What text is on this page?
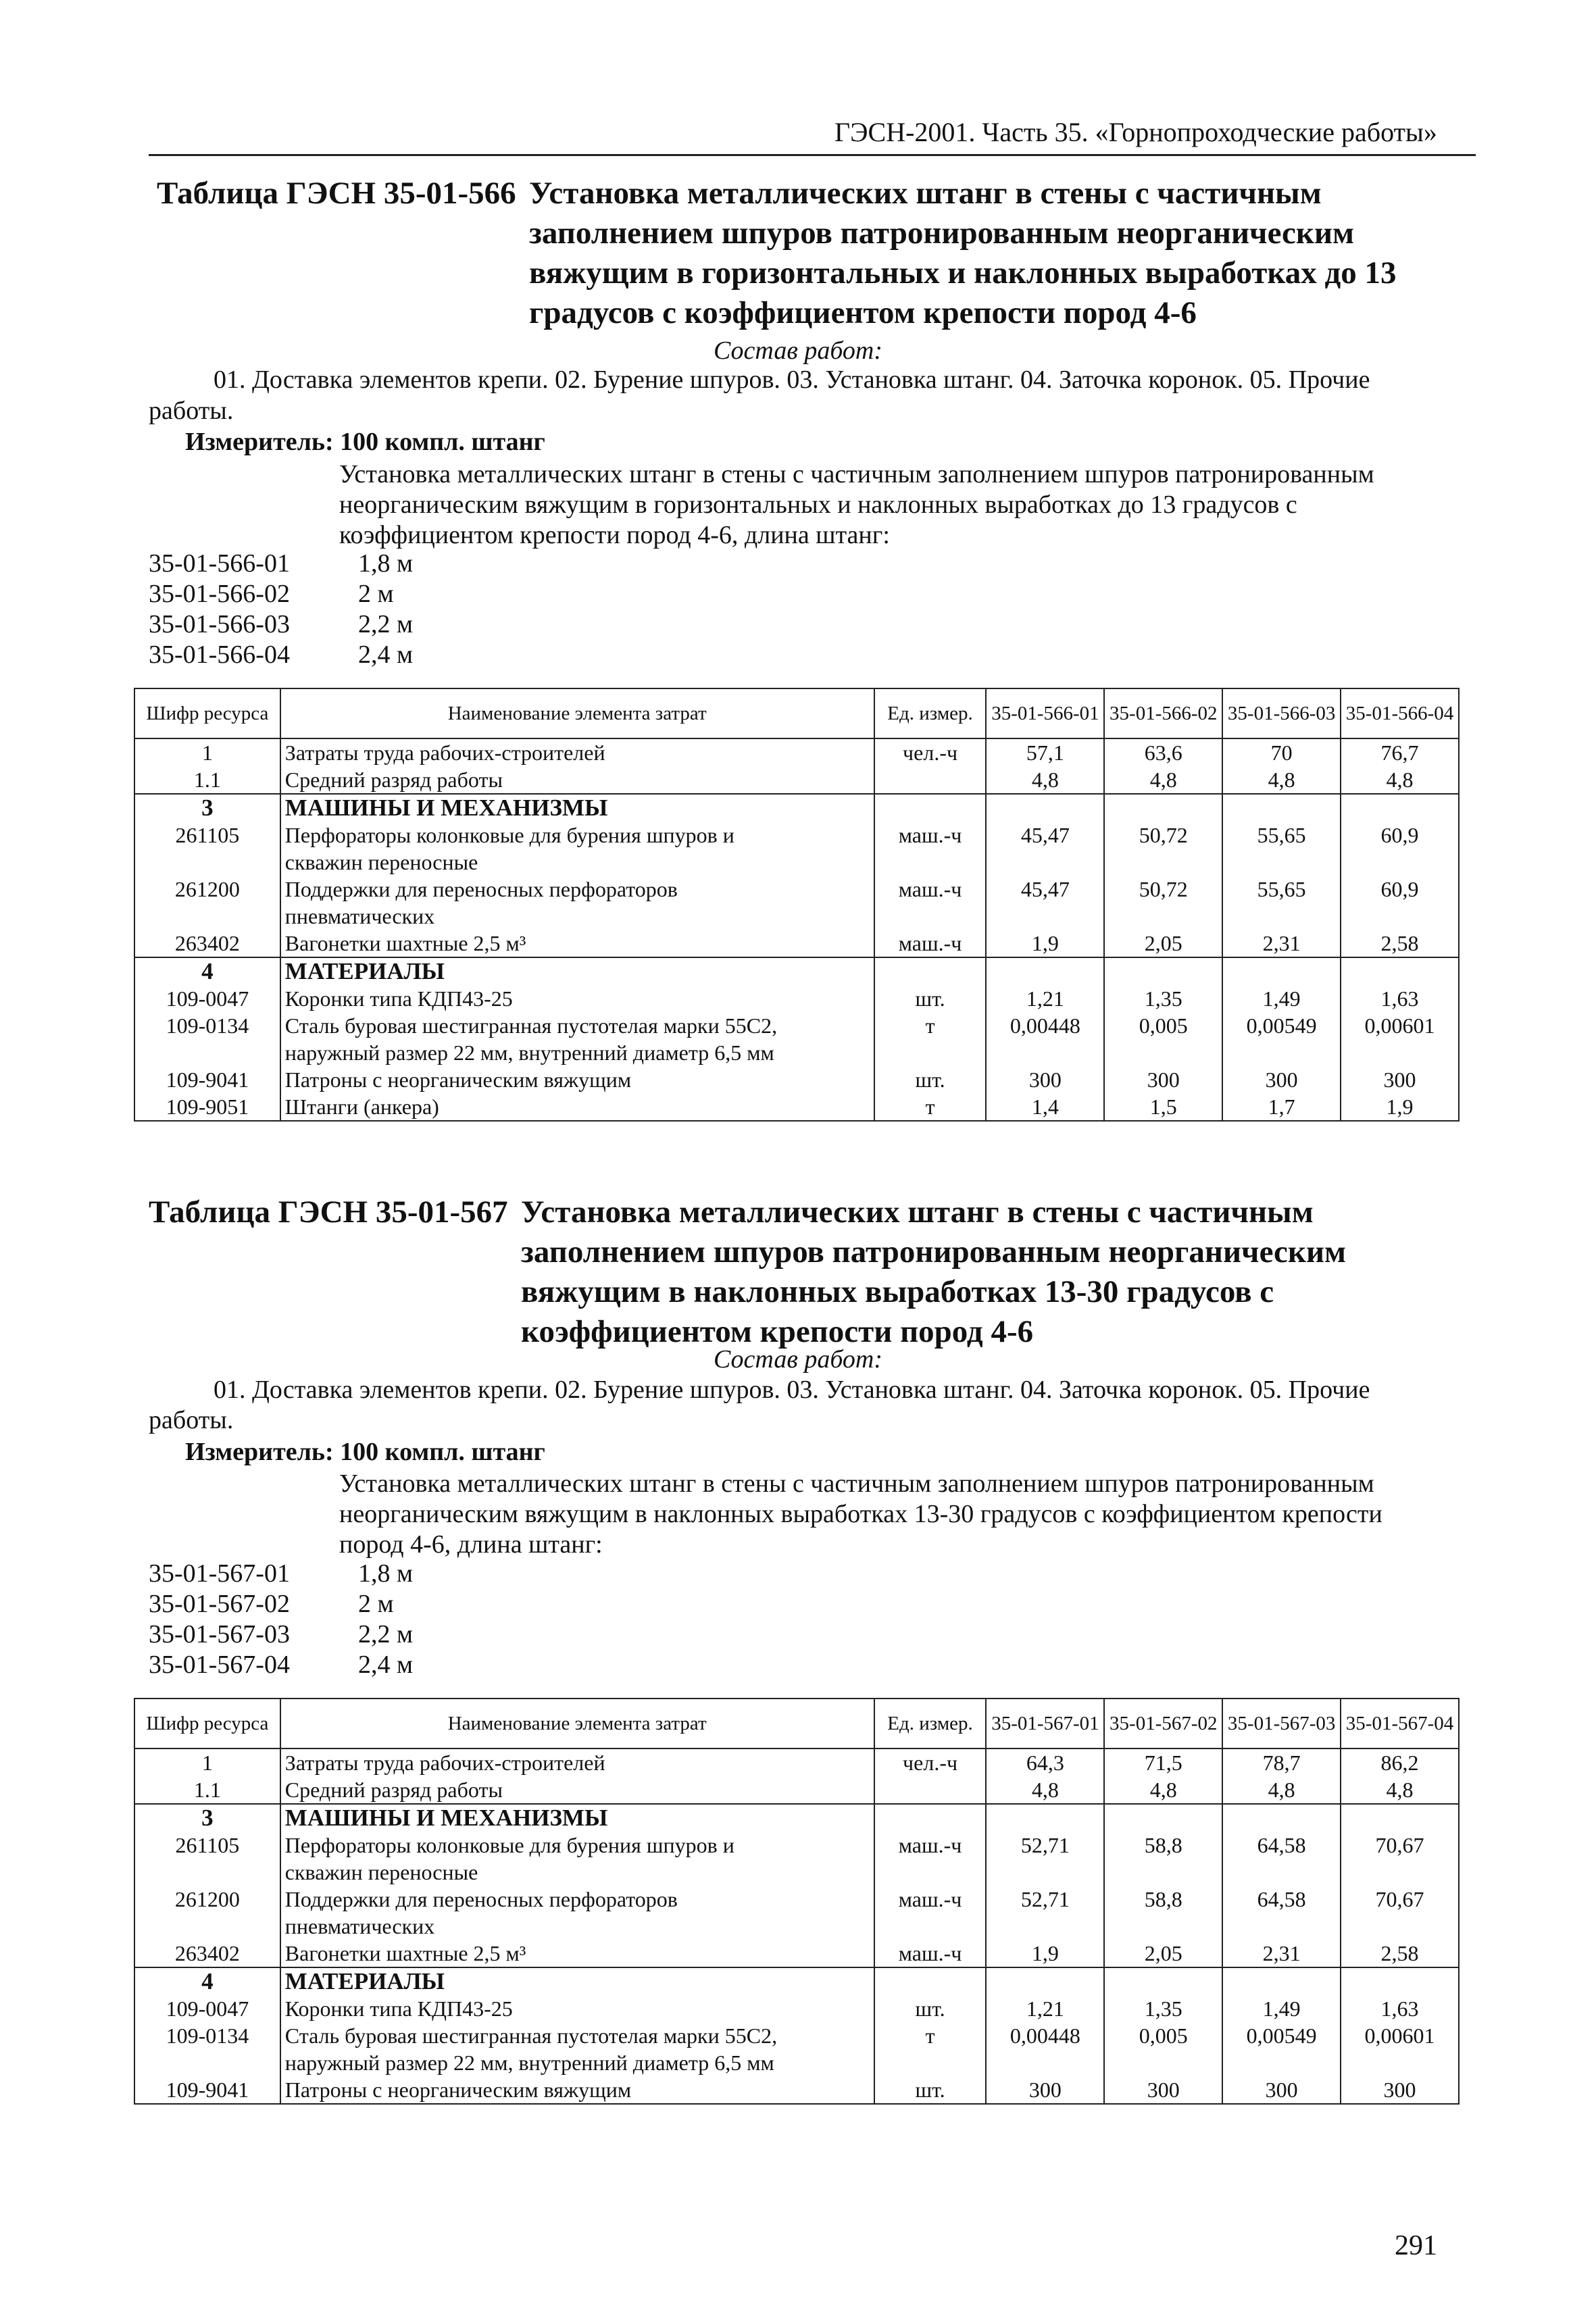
ГЭСН-2001. Часть 35. «Горнопроходческие работы»
Таблица ГЭСН 35-01-566 Установка металлических штанг в стены с частичным
заполнением шпуров патронированным неорганическим
вяжущим в горизонтальных и наклонных выработках до 13
градусов с коэффициентом крепости пород 4-6
Состав работ:
01. Доставка элементов крепи. 02. Бурение шпуров. 03. Установка штанг. 04. Заточка коронок. 05. Прочие
работы.
Измеритель: 100 компл. штанг
Установка металлических штанг в стены с частичным заполнением шпуров патронированным
неорганическим вяжущим в горизонтальных и наклонных выработках до 13 градусов с
коэффициентом крепости пород 4-6, длина штанг:
35-01-566-01	1,8 м
35-01-566-02	2 м
35-01-566-03	2,2 м
35-01-566-04	2,4 м
Шифр ресурса	Наименование элемента затрат	Ед. измер.	35-01-566-01	35-01-566-02	35-01-566-03	35-01-566-04
1	Затраты труда рабочих-строителей	чел.-ч	57,1	63,6	70	76,7
1.1	Средний разряд работы		4,8	4,8	4,8	4,8
3	МАШИНЫ И МЕХАНИЗМЫ					
261105	Перфораторы колонковые для бурения шпуров и
скважин переносные	маш.-ч	45,47	50,72	55,65	60,9
261200	Поддержки для переносных перфораторов
пневматических	маш.-ч	45,47	50,72	55,65	60,9
263402	Вагонетки шахтные 2,5 м³	маш.-ч	1,9	2,05	2,31	2,58
4	МАТЕРИАЛЫ					
109-0047	Коронки типа КДП43-25	шт.	1,21	1,35	1,49	1,63
109-0134	Сталь буровая шестигранная пустотелая марки 55С2,
наружный размер 22 мм, внутренний диаметр 6,5 мм	т	0,00448	0,005	0,00549	0,00601
109-9041	Патроны с неорганическим вяжущим	шт.	300	300	300	300
109-9051	Штанги (анкера)	т	1,4	1,5	1,7	1,9
Таблица ГЭСН 35-01-567 Установка металлических штанг в стены с частичным
заполнением шпуров патронированным неорганическим
вяжущим в наклонных выработках 13-30 градусов с
коэффициентом крепости пород 4-6
Состав работ:
01. Доставка элементов крепи. 02. Бурение шпуров. 03. Установка штанг. 04. Заточка коронок. 05. Прочие
работы.
Измеритель: 100 компл. штанг
Установка металлических штанг в стены с частичным заполнением шпуров патронированным
неорганическим вяжущим в наклонных выработках 13-30 градусов с коэффициентом крепости
пород 4-6, длина штанг:
35-01-567-01	1,8 м
35-01-567-02	2 м
35-01-567-03	2,2 м
35-01-567-04	2,4 м
Шифр ресурса	Наименование элемента затрат	Ед. измер.	35-01-567-01	35-01-567-02	35-01-567-03	35-01-567-04
1	Затраты труда рабочих-строителей	чел.-ч	64,3	71,5	78,7	86,2
1.1	Средний разряд работы		4,8	4,8	4,8	4,8
3	МАШИНЫ И МЕХАНИЗМЫ					
261105	Перфораторы колонковые для бурения шпуров и
скважин переносные	маш.-ч	52,71	58,8	64,58	70,67
261200	Поддержки для переносных перфораторов
пневматических	маш.-ч	52,71	58,8	64,58	70,67
263402	Вагонетки шахтные 2,5 м³	маш.-ч	1,9	2,05	2,31	2,58
4	МАТЕРИАЛЫ					
109-0047	Коронки типа КДП43-25	шт.	1,21	1,35	1,49	1,63
109-0134	Сталь буровая шестигранная пустотелая марки 55С2,
наружный размер 22 мм, внутренний диаметр 6,5 мм	т	0,00448	0,005	0,00549	0,00601
109-9041	Патроны с неорганическим вяжущим	шт.	300	300	300	300
291
